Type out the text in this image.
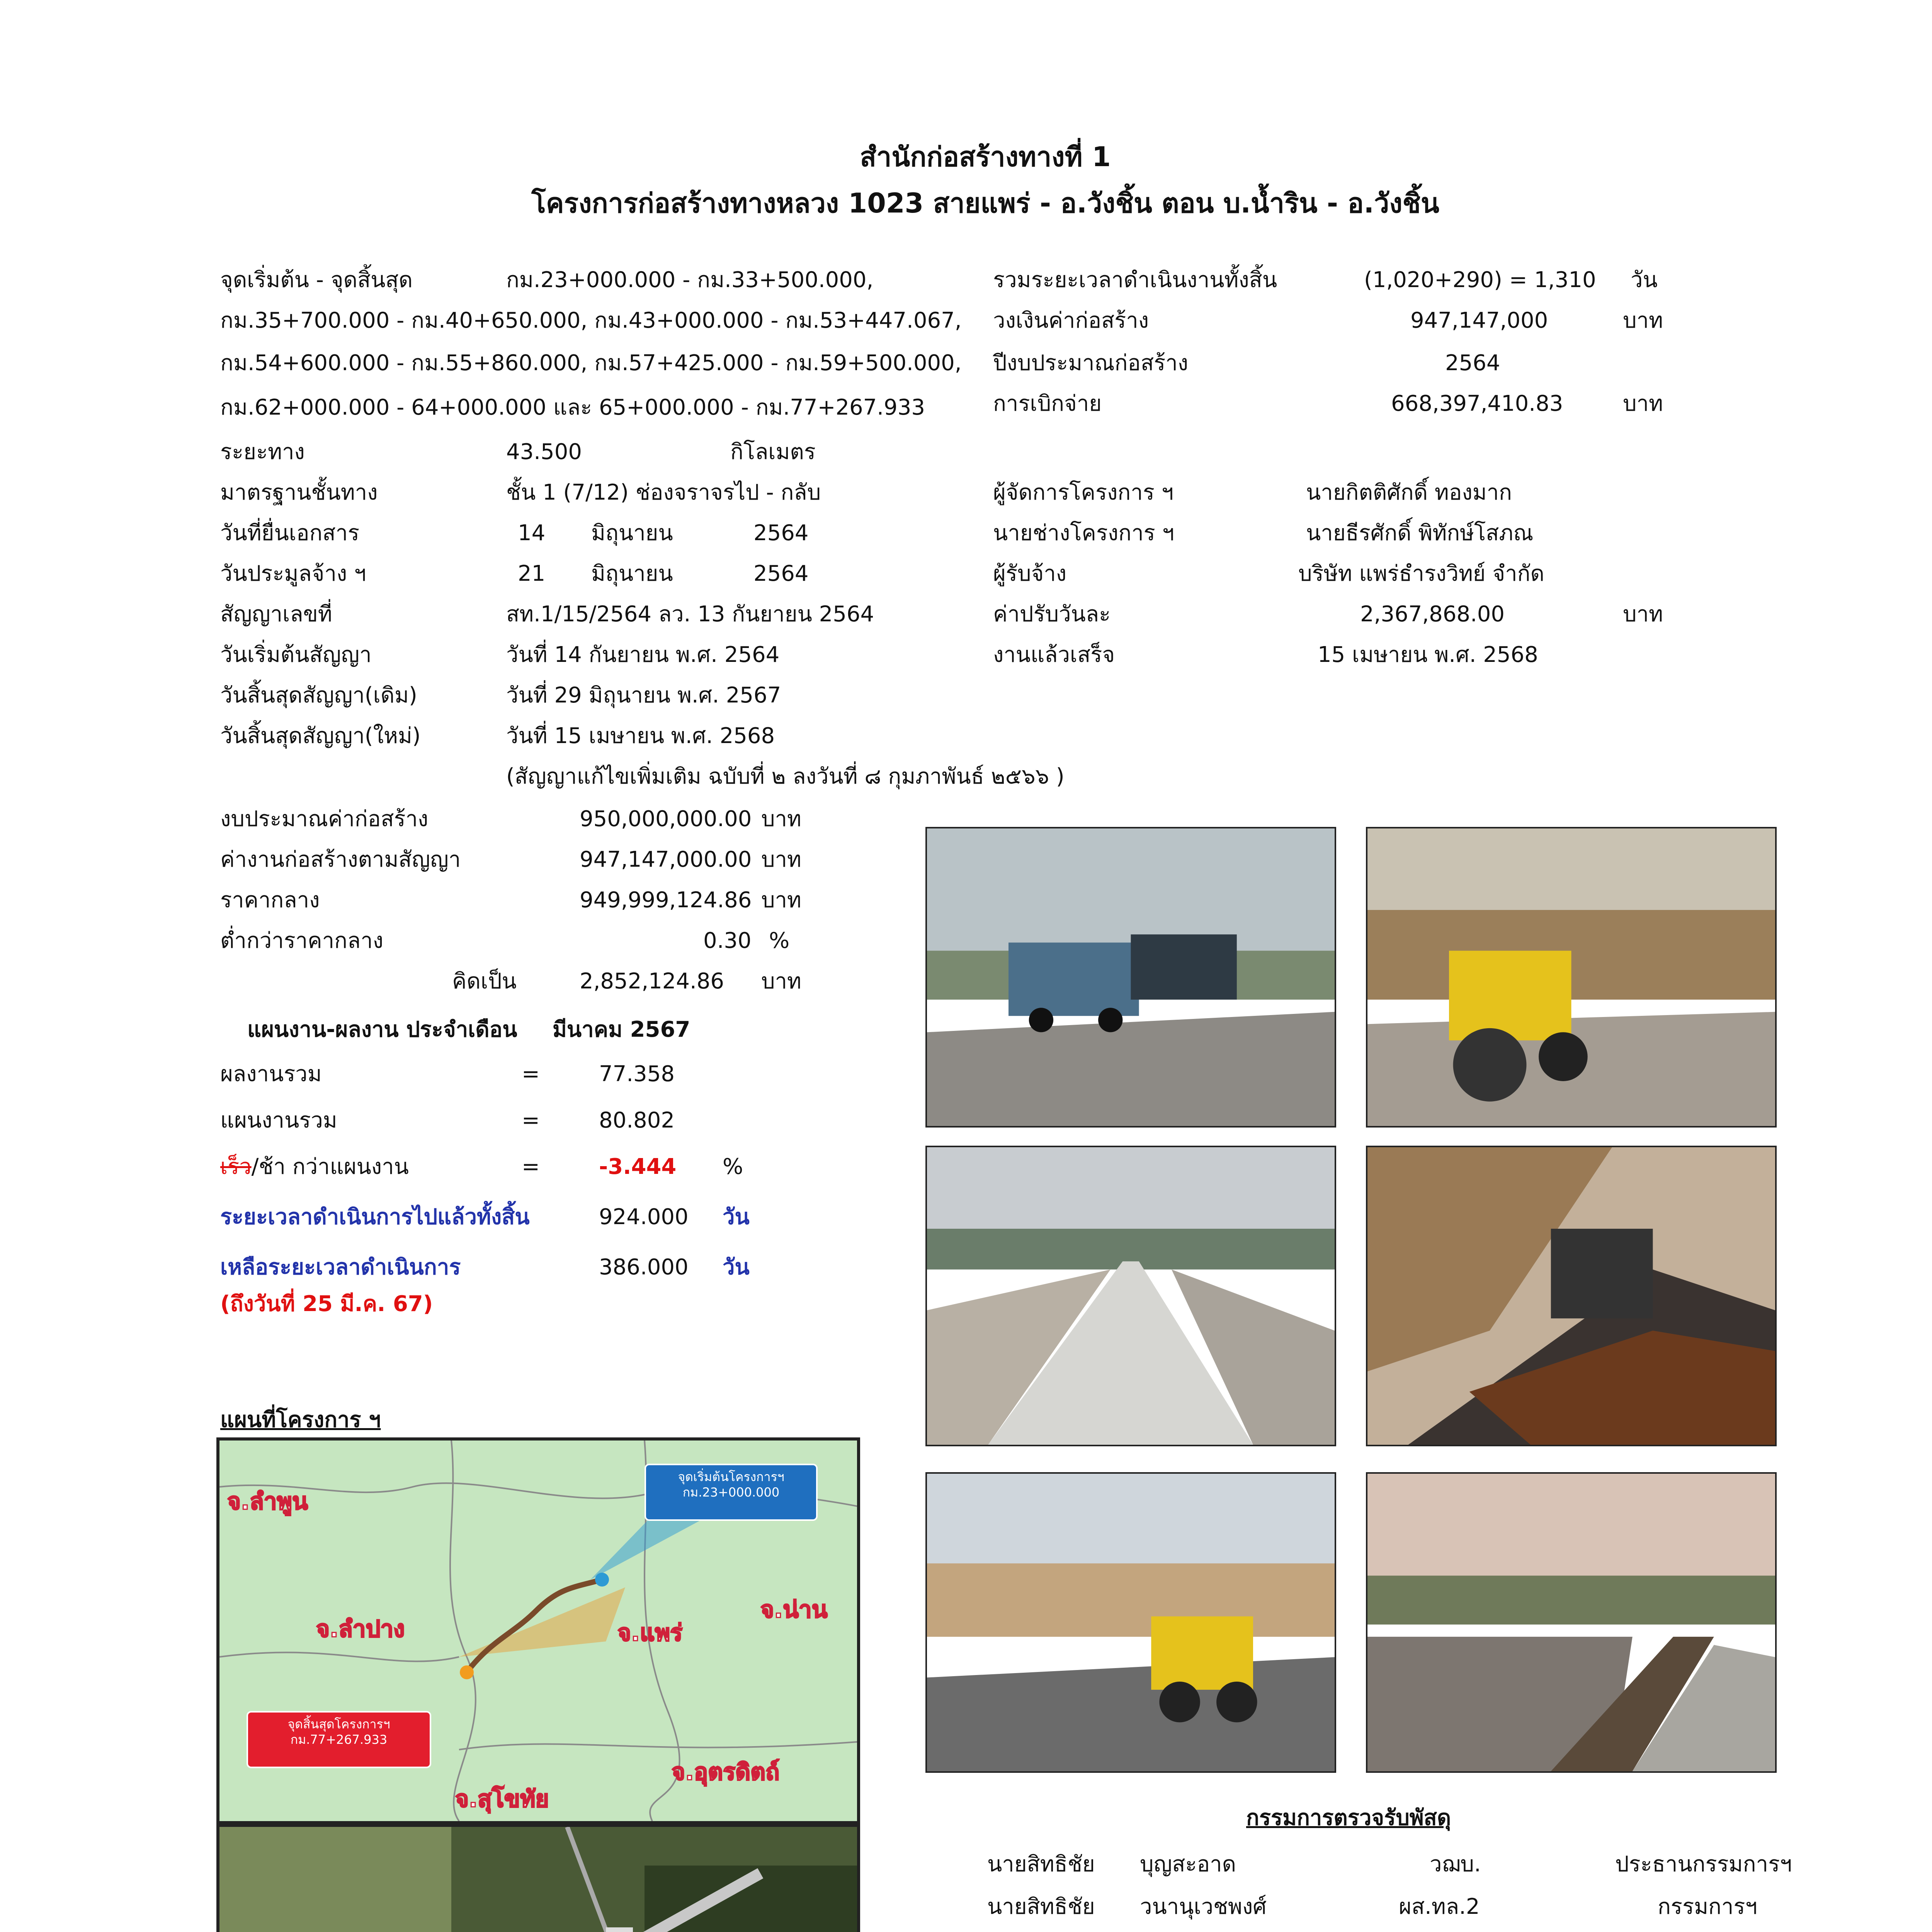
สำนักก่อสร้างทางที่ 1
โครงการก่อสร้างทางหลวง 1023 สายแพร่ - อ.วังชิ้น ตอน บ.น้ำริน - อ.วังชิ้น
จุดเริ่มต้น - จุดสิ้นสุด	กม.23+000.000 - กม.33+500.000,
กม.35+700.000 - กม.40+650.000, กม.43+000.000 - กม.53+447.067,
กม.54+600.000 - กม.55+860.000, กม.57+425.000 - กม.59+500.000,
กม.62+000.000 - 64+000.000 และ 65+000.000 - กม.77+267.933
ระยะทาง	43.500	กิโลเมตร
มาตรฐานชั้นทาง	ชั้น 1 (7/12) ช่องจราจรไป - กลับ
วันที่ยื่นเอกสาร	14 มิถุนายน	2564
วันประมูลจ้าง ฯ	21 มิถุนายน	2564
สัญญาเลขที่	สท.1/15/2564 ลว. 13 กันยายน 2564
วันเริ่มต้นสัญญา	วันที่ 14 กันยายน พ.ศ. 2564
วันสิ้นสุดสัญญา(เดิม)	วันที่ 29 มิถุนายน พ.ศ. 2567
วันสิ้นสุดสัญญา(ใหม่)	วันที่ 15 เมษายน พ.ศ. 2568
(สัญญาแก้ไขเพิ่มเติม ฉบับที่ ๒ ลงวันที่ ๘ กุมภาพันธ์ ๒๕๖๖ )
รวมระยะเวลาดำเนินงานทั้งสิ้น	(1,020+290) = 1,310 วัน
วงเงินค่าก่อสร้าง	947,147,000	บาท
ปีงบประมาณก่อสร้าง	2564
การเบิกจ่าย	668,397,410.83	บาท
ผู้จัดการโครงการ ฯ	นายกิตติศักดิ์ ทองมาก
นายช่างโครงการ ฯ	นายธีรศักดิ์ พิทักษ์โสภณ
ผู้รับจ้าง	บริษัท แพร่ธำรงวิทย์ จำกัด
ค่าปรับวันละ	2,367,868.00	บาท
งานแล้วเสร็จ	15 เมษายน พ.ศ. 2568
งบประมาณค่าก่อสร้าง	950,000,000.00 บาท
ค่างานก่อสร้างตามสัญญา	947,147,000.00 บาท
ราคากลาง	949,999,124.86 บาท
ต่ำกว่าราคากลาง	0.30 %
คิดเป็น	2,852,124.86 บาท
แผนงาน-ผลงาน ประจำเดือน มีนาคม 2567
ผลงานรวม	=	77.358
แผนงานรวม	=	80.802
เร็ว/ช้า กว่าแผนงาน	=	-3.444 %
ระยะเวลาดำเนินการไปแล้วทั้งสิ้น	924.000 วัน
เหลือระยะเวลาดำเนินการ	386.000 วัน
(ถึงวันที่ 25 มี.ค. 67)
แผนที่โครงการ ฯ
จ.ลำพูน
จ.ลำปาง	จ.แพร่
จ.น่าน
จ.อุตรดิตถ์
จ.สุโขทัย
จุดเริ่มต้นโครงการฯ
กม.23+000.000
จุดสิ้นสุดโครงการฯ
กม.77+267.933
กรรมการตรวจรับพัสดุ
นายสิทธิชัย บุญสะอาด	วฌบ.	ประธานกรรมการฯ
นายสิทธิชัย วนานุเวชพงศ์	ผส.ทล.2	กรรมการฯ
